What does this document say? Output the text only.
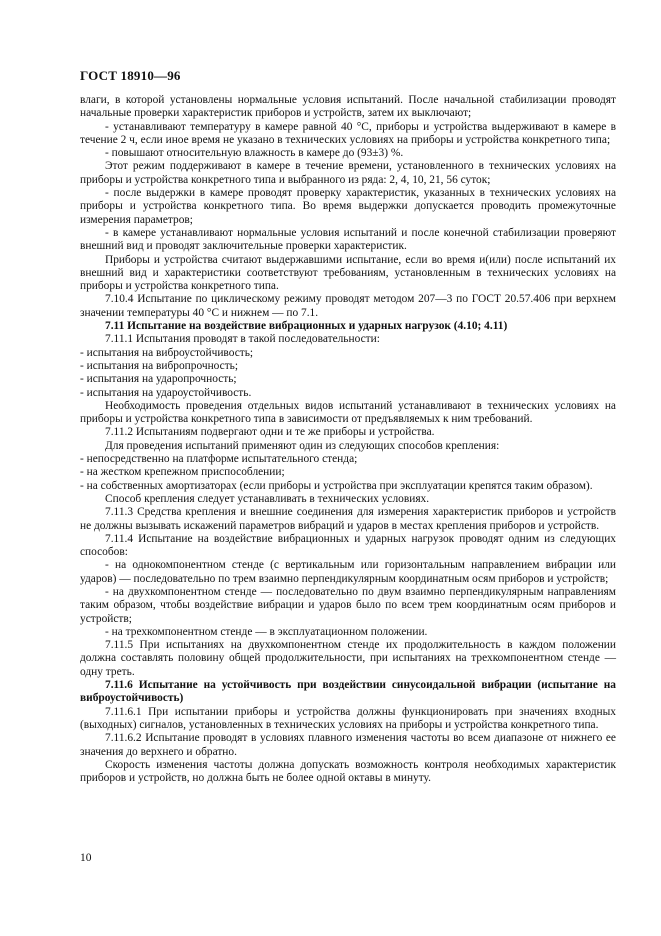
ГОСТ 18910—96

влаги, в которой установлены нормальные условия испытаний. После начальной стабилизации проводят начальные проверки характеристик приборов и устройств, затем их выключают;

- устанавливают температуру в камере равной 40 °С, приборы и устройства выдерживают в камере в течение 2 ч, если иное время не указано в технических условиях на приборы и устройства конкретного типа;

- повышают относительную влажность в камере до (93±3) %.

Этот режим поддерживают в камере в течение времени, установленного в технических условиях на приборы и устройства конкретного типа и выбранного из ряда: 2, 4, 10, 21, 56 суток;

- после выдержки в камере проводят проверку характеристик, указанных в технических условиях на приборы и устройства конкретного типа. Во время выдержки допускается проводить промежуточные измерения параметров;

- в камере устанавливают нормальные условия испытаний и после конечной стабилизации проверяют внешний вид и проводят заключительные проверки характеристик.

Приборы и устройства считают выдержавшими испытание, если во время и(или) после испытаний их внешний вид и характеристики соответствуют требованиям, установленным в технических условиях на приборы и устройства конкретного типа.

7.10.4 Испытание по циклическому режиму проводят методом 207—3 по ГОСТ 20.57.406 при верхнем значении температуры 40 °С и нижнем — по 7.1.

7.11 Испытание на воздействие вибрационных и ударных нагрузок (4.10; 4.11)

7.11.1 Испытания проводят в такой последовательности:

- испытания на виброустойчивость;

- испытания на вибропрочность;

- испытания на ударопрочность;

- испытания на удароустойчивость.

Необходимость проведения отдельных видов испытаний устанавливают в технических условиях на приборы и устройства конкретного типа в зависимости от предъявляемых к ним требований.

7.11.2 Испытаниям подвергают одни и те же приборы и устройства.

Для проведения испытаний применяют один из следующих способов крепления:

- непосредственно на платформе испытательного стенда;

- на жестком крепежном приспособлении;

- на собственных амортизаторах (если приборы и устройства при эксплуатации крепятся таким образом).

Способ крепления следует устанавливать в технических условиях.

7.11.3 Средства крепления и внешние соединения для измерения характеристик приборов и устройств не должны вызывать искажений параметров вибраций и ударов в местах крепления приборов и устройств.

7.11.4 Испытание на воздействие вибрационных и ударных нагрузок проводят одним из следующих способов:

- на однокомпонентном стенде (с вертикальным или горизонтальным направлением вибрации или ударов) — последовательно по трем взаимно перпендикулярным координатным осям приборов и устройств;

- на двухкомпонентном стенде — последовательно по двум взаимно перпендикулярным направлениям таким образом, чтобы воздействие вибрации и ударов было по всем трем координатным осям приборов и устройств;

- на трехкомпонентном стенде — в эксплуатационном положении.

7.11.5 При испытаниях на двухкомпонентном стенде их продолжительность в каждом положении должна составлять половину общей продолжительности, при испытаниях на трехкомпонентном стенде — одну треть.

7.11.6 Испытание на устойчивость при воздействии синусоидальной вибрации (испытание на виброустойчивость)

7.11.6.1 При испытании приборы и устройства должны функционировать при значениях входных (выходных) сигналов, установленных в технических условиях на приборы и устройства конкретного типа.

7.11.6.2 Испытание проводят в условиях плавного изменения частоты во всем диапазоне от нижнего ее значения до верхнего и обратно.

Скорость изменения частоты должна допускать возможность контроля необходимых характеристик приборов и устройств, но должна быть не более одной октавы в минуту.

10
